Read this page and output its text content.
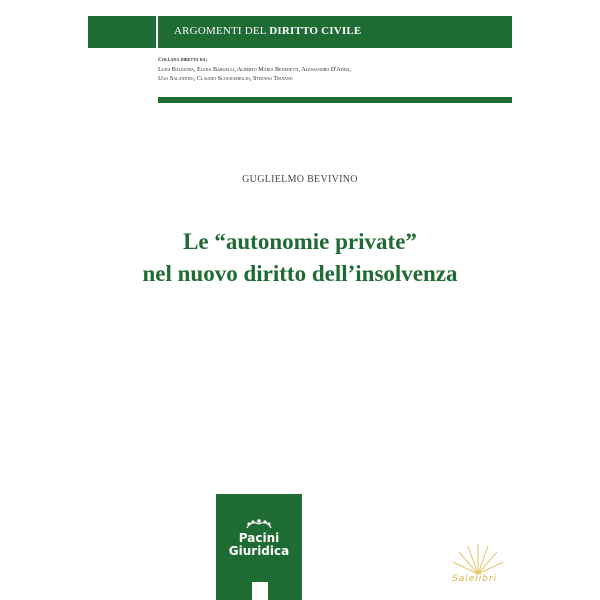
ARGOMENTI DEL DIRITTO CIVILE
Collana diretta da:
Luigi Balestra, Elena Bargelli, Alberto Maria Benedetti, Alessandro D'Adda,
Ugo Salanitro, Claudio Scognamiglio, Stefano Troiano
GUGLIELMO BEVIVINO
Le “autonomie private”
nel nuovo diritto dell’insolvenza
Pacini
Giuridica
Salelibri
